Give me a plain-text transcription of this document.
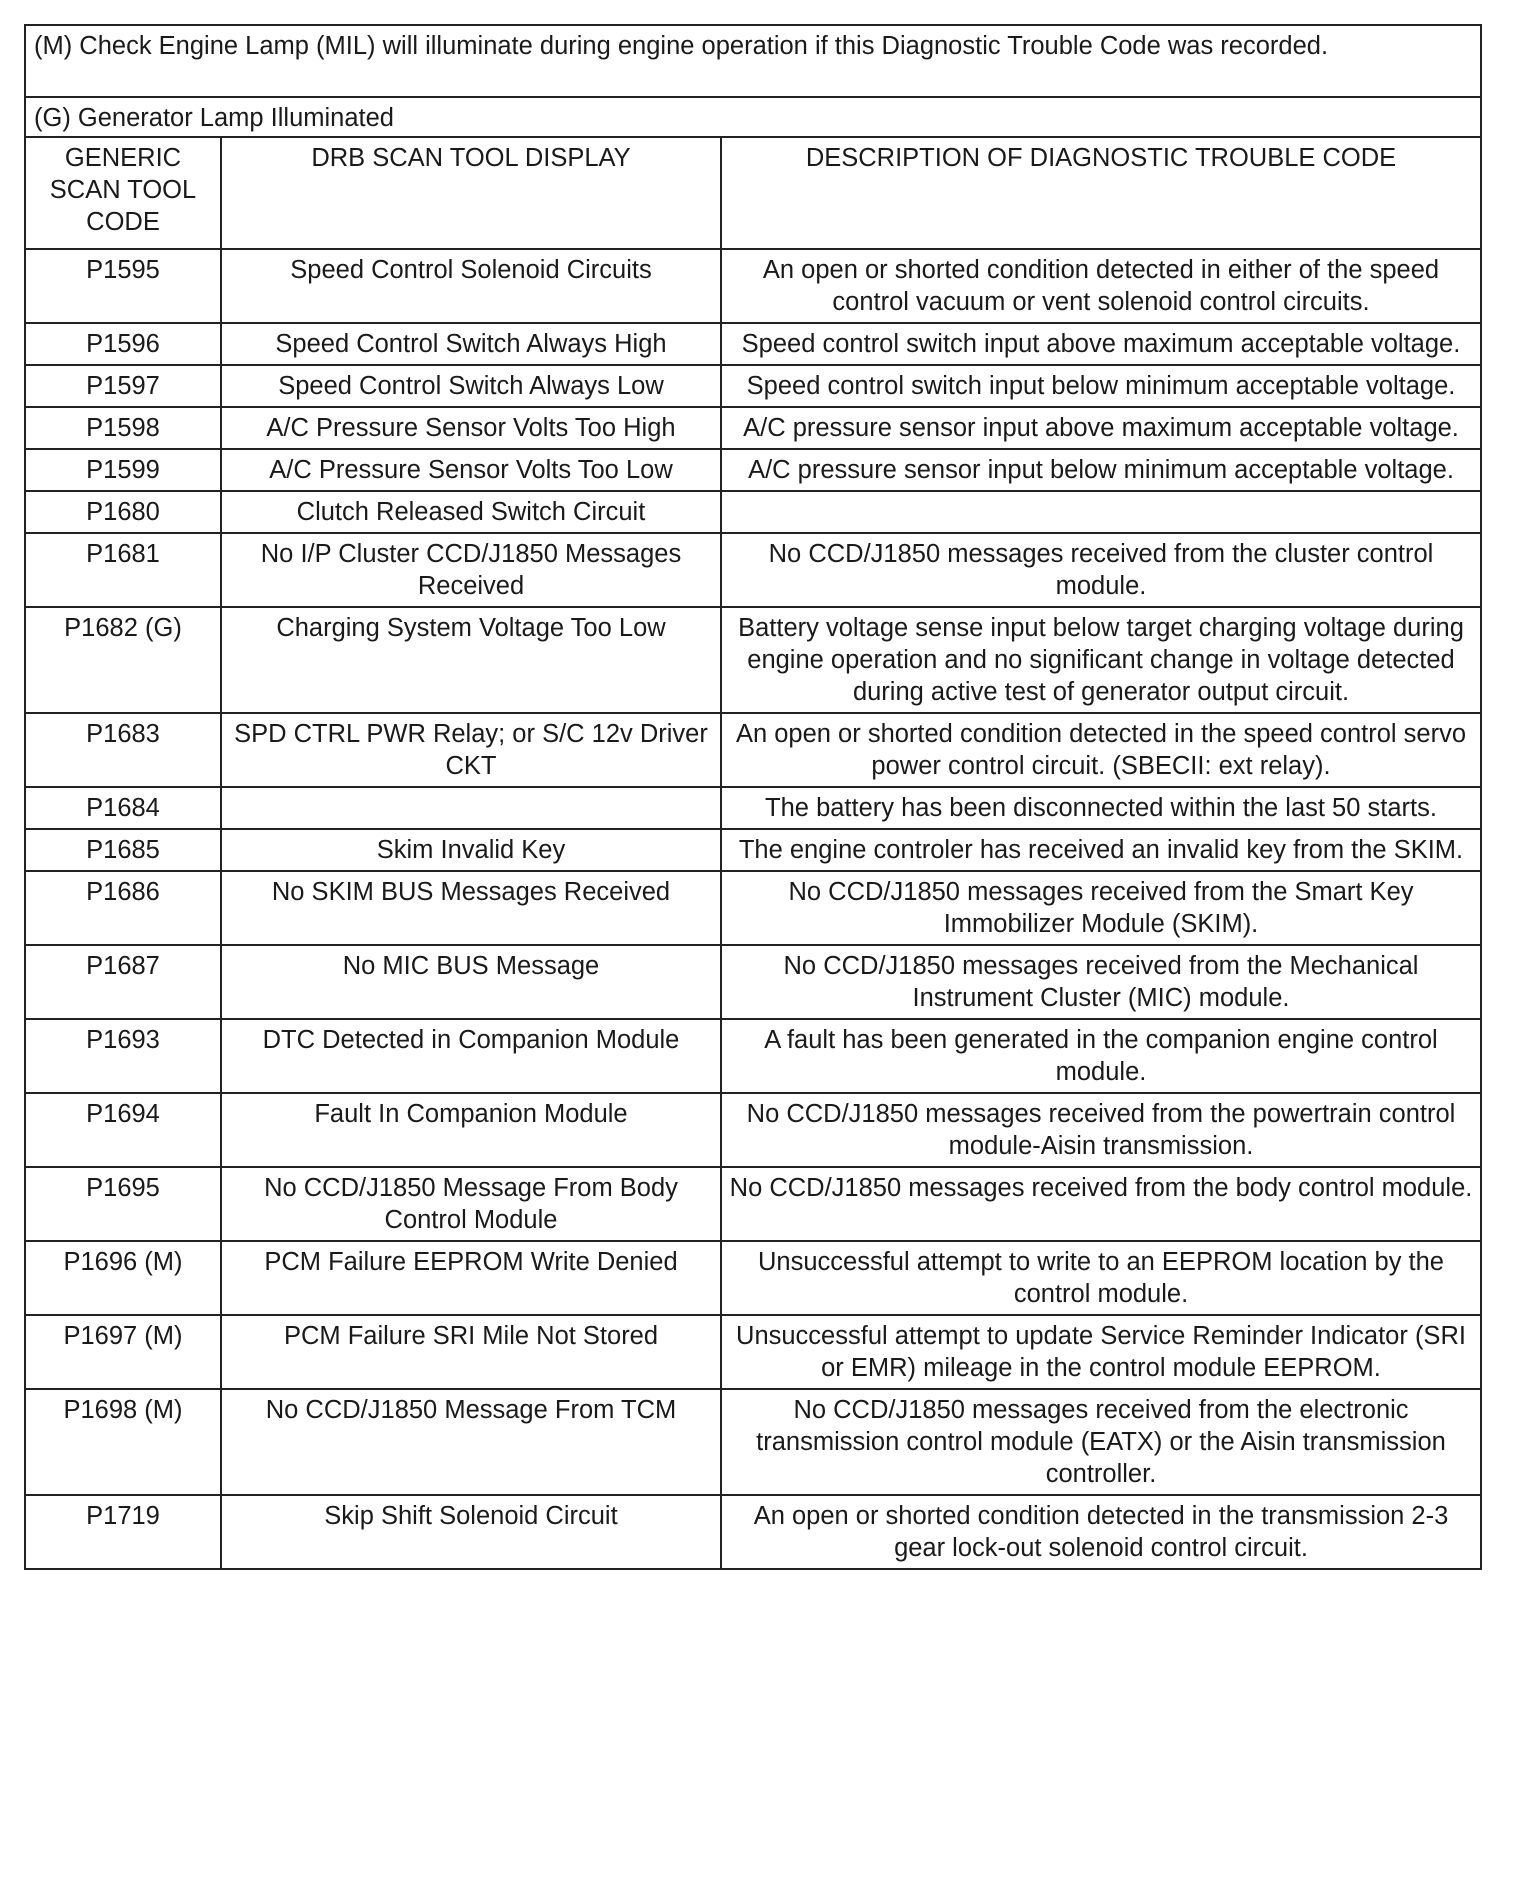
(M) Check Engine Lamp (MIL) will illuminate during engine operation if this Diagnostic Trouble Code was recorded.		
(G) Generator Lamp Illuminated		
GENERIC SCAN TOOL CODE	DRB SCAN TOOL DISPLAY	DESCRIPTION OF DIAGNOSTIC TROUBLE CODE
P1595	Speed Control Solenoid Circuits	An open or shorted condition detected in either of the speed control vacuum or vent solenoid control circuits.
P1596	Speed Control Switch Always High	Speed control switch input above maximum acceptable voltage.
P1597	Speed Control Switch Always Low	Speed control switch input below minimum acceptable voltage.
P1598	A/C Pressure Sensor Volts Too High	A/C pressure sensor input above maximum acceptable voltage.
P1599	A/C Pressure Sensor Volts Too Low	A/C pressure sensor input below minimum acceptable voltage.
P1680	Clutch Released Switch Circuit	
P1681	No I/P Cluster CCD/J1850 Messages Received	No CCD/J1850 messages received from the cluster control module.
P1682 (G)	Charging System Voltage Too Low	Battery voltage sense input below target charging voltage during engine operation and no significant change in voltage detected during active test of generator output circuit.
P1683	SPD CTRL PWR Relay; or S/C 12v Driver CKT	An open or shorted condition detected in the speed control servo power control circuit. (SBECII: ext relay).
P1684		The battery has been disconnected within the last 50 starts.
P1685	Skim Invalid Key	The engine controler has received an invalid key from the SKIM.
P1686	No SKIM BUS Messages Received	No CCD/J1850 messages received from the Smart Key Immobilizer Module (SKIM).
P1687	No MIC BUS Message	No CCD/J1850 messages received from the Mechanical Instrument Cluster (MIC) module.
P1693	DTC Detected in Companion Module	A fault has been generated in the companion engine control module.
P1694	Fault In Companion Module	No CCD/J1850 messages received from the powertrain control module-Aisin transmission.
P1695	No CCD/J1850 Message From Body Control Module	No CCD/J1850 messages received from the body control module.
P1696 (M)	PCM Failure EEPROM Write Denied	Unsuccessful attempt to write to an EEPROM location by the control module.
P1697 (M)	PCM Failure SRI Mile Not Stored	Unsuccessful attempt to update Service Reminder Indicator (SRI or EMR) mileage in the control module EEPROM.
P1698 (M)	No CCD/J1850 Message From TCM	No CCD/J1850 messages received from the electronic transmission control module (EATX) or the Aisin transmission controller.
P1719	Skip Shift Solenoid Circuit	An open or shorted condition detected in the transmission 2-3 gear lock-out solenoid control circuit.
